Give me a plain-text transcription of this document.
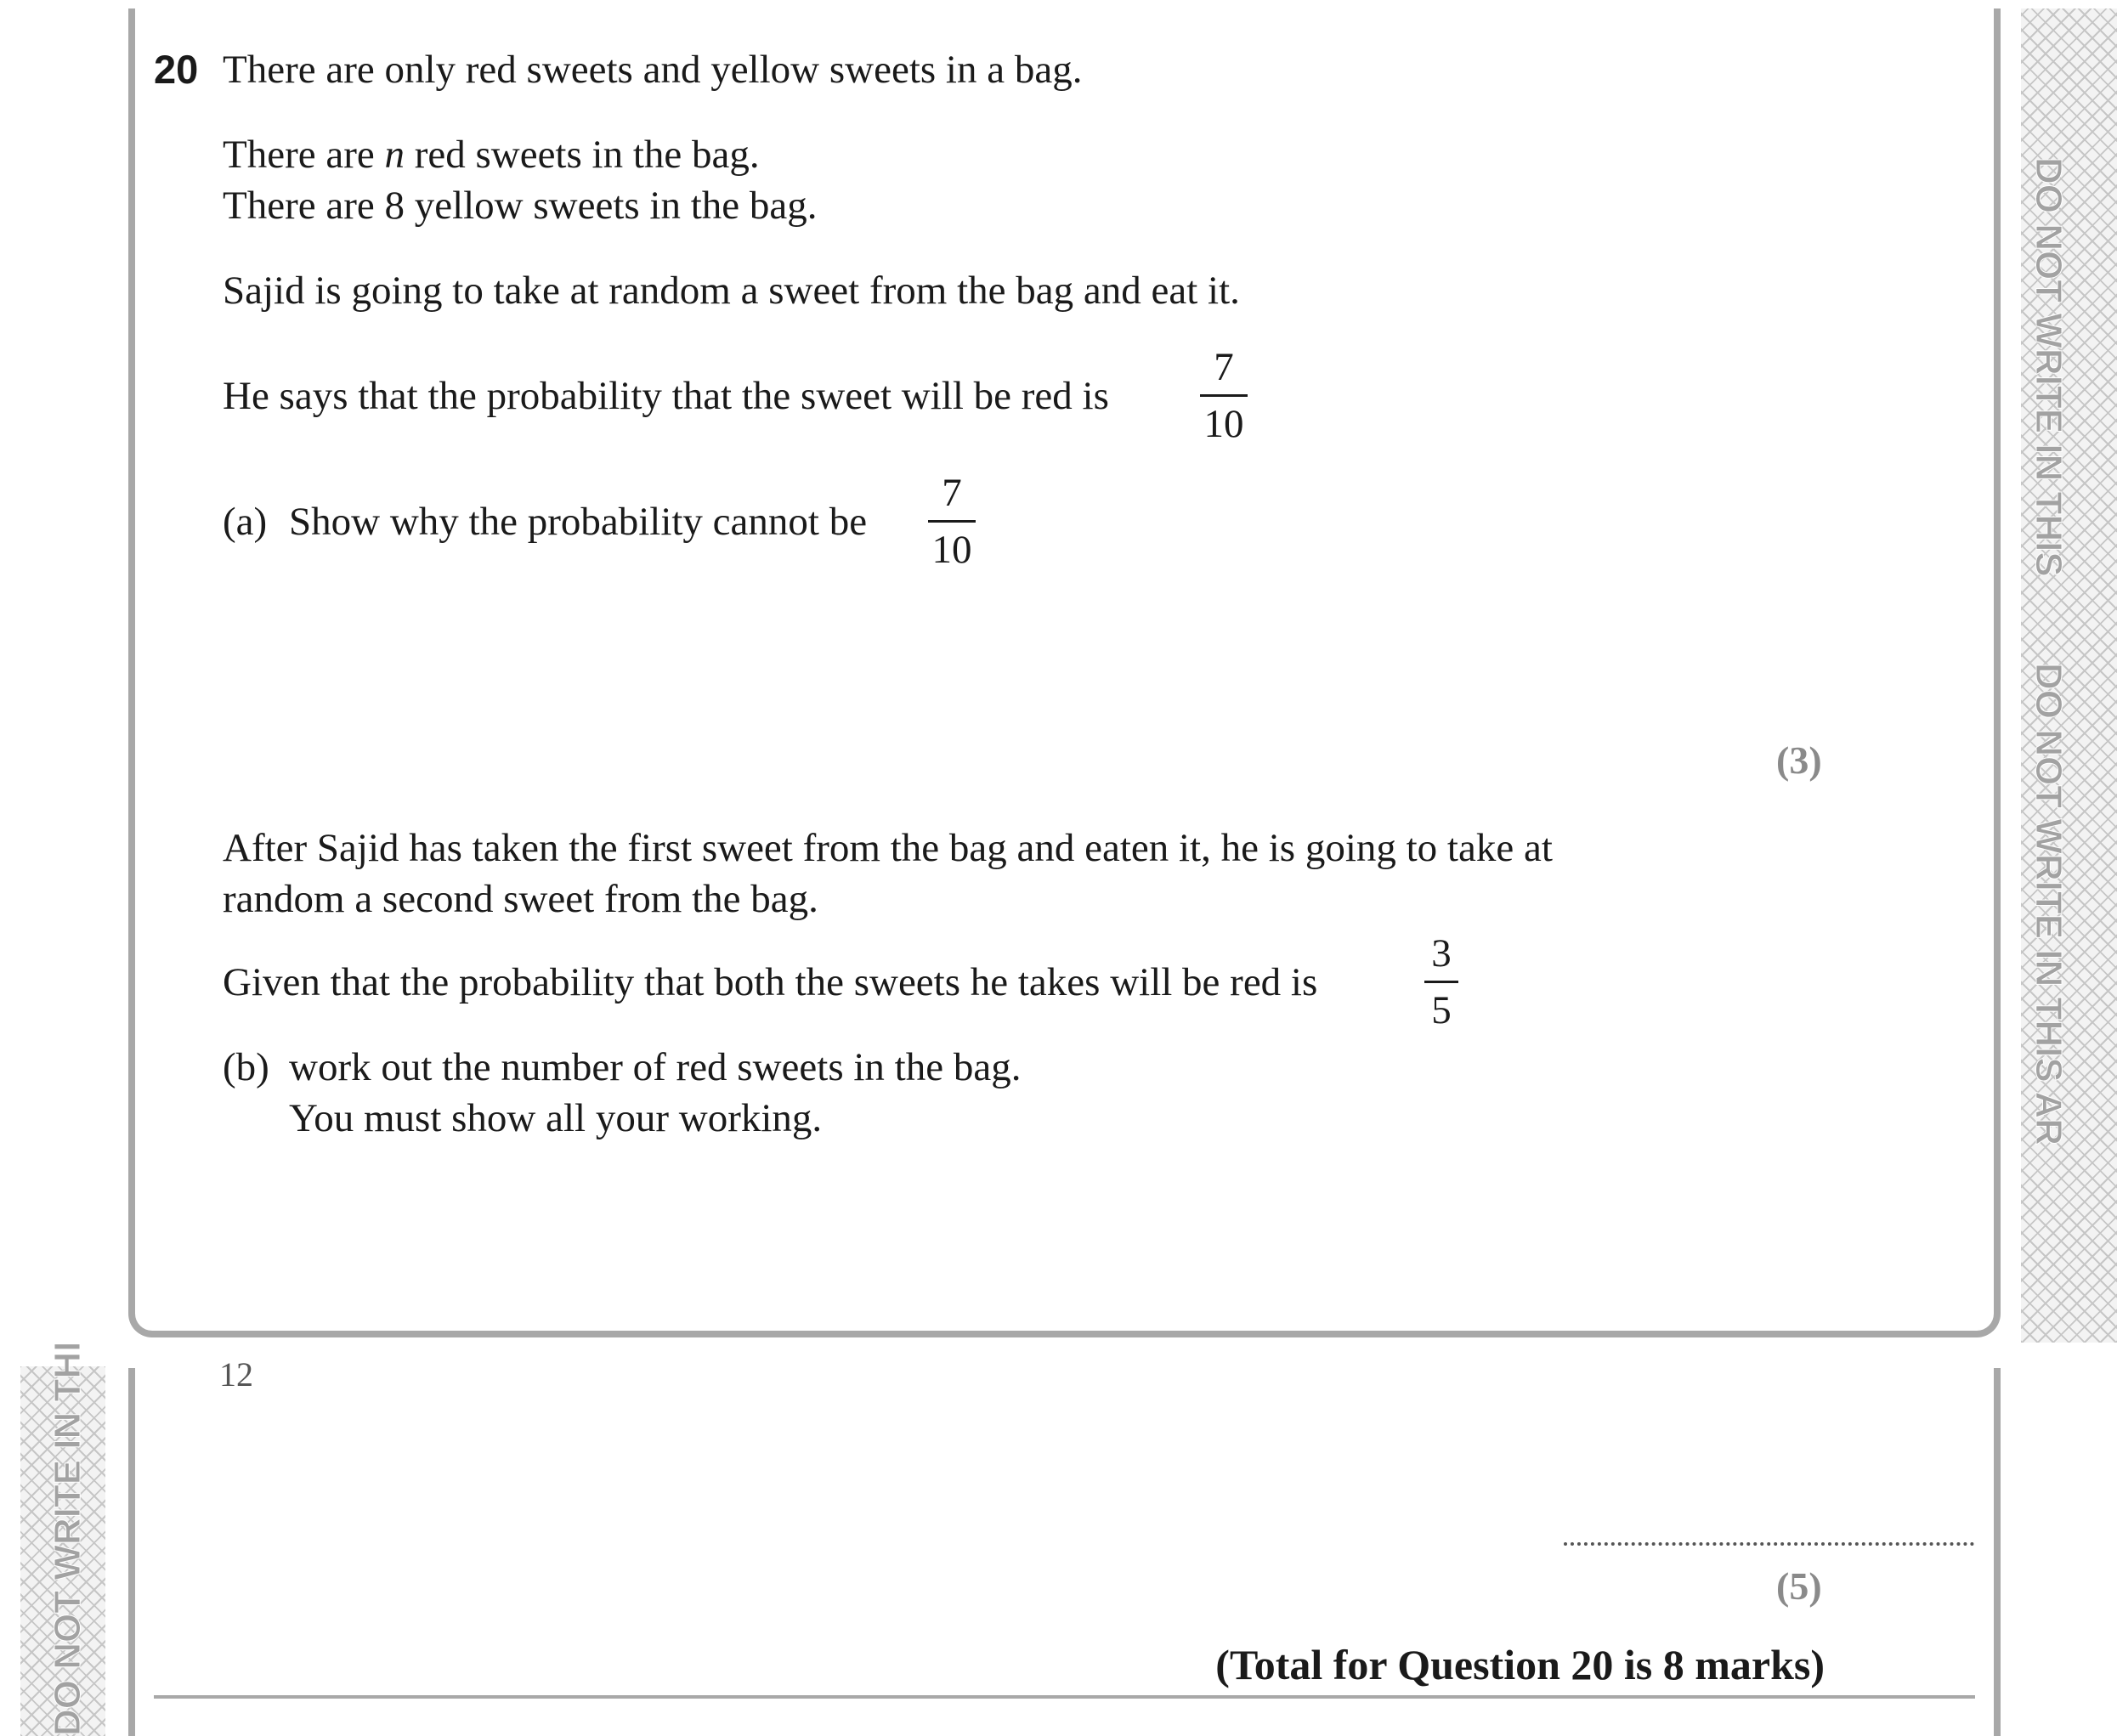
DO NOT WRITE IN THIS
DO NOT WRITE IN THIS AR
DO NOT WRITE IN THI	12
20 There are only red sweets and yellow sweets in a bag.
There are n red sweets in the bag.
There are 8 yellow sweets in the bag.
Sajid is going to take at random a sweet from the bag and eat it.
He says that the probability that the sweet will be red is
7
10
(a) Show why the probability cannot be
7
10
(3)
After Sajid has taken the first sweet from the bag and eaten it, he is going to take at
random a second sweet from the bag.
Given that the probability that both the sweets he takes will be red is
3
5
(b) work out the number of red sweets in the bag.
You must show all your working.
(5)
(Total for Question 20 is 8 marks)
